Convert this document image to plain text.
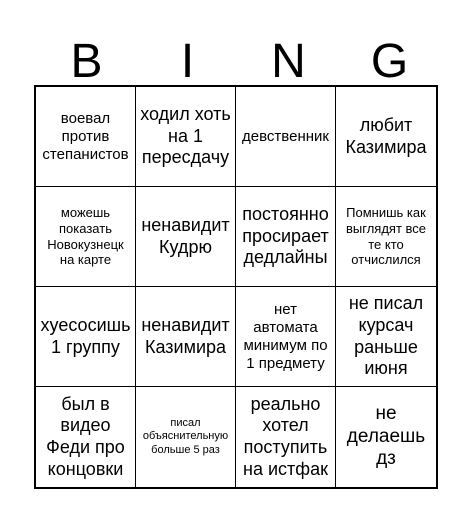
B	I	N	G
воевал против степанистов
ходил хоть на 1 пересдачу
девственник
любит Казимира
можешь показать Новокузнецк на карте
ненавидит Кудрю
постоянно просирает дедлайны
Помнишь как выглядят все те кто отчислился
хуесосишь 1 группу
ненавидит Казимира
нет автомата минимум по 1 предмету
не писал курсач раньше июня
был в видео Феди про концовки
писал объяснительную больше 5 раз
реально хотел поступить на истфак
не делаешь дз
